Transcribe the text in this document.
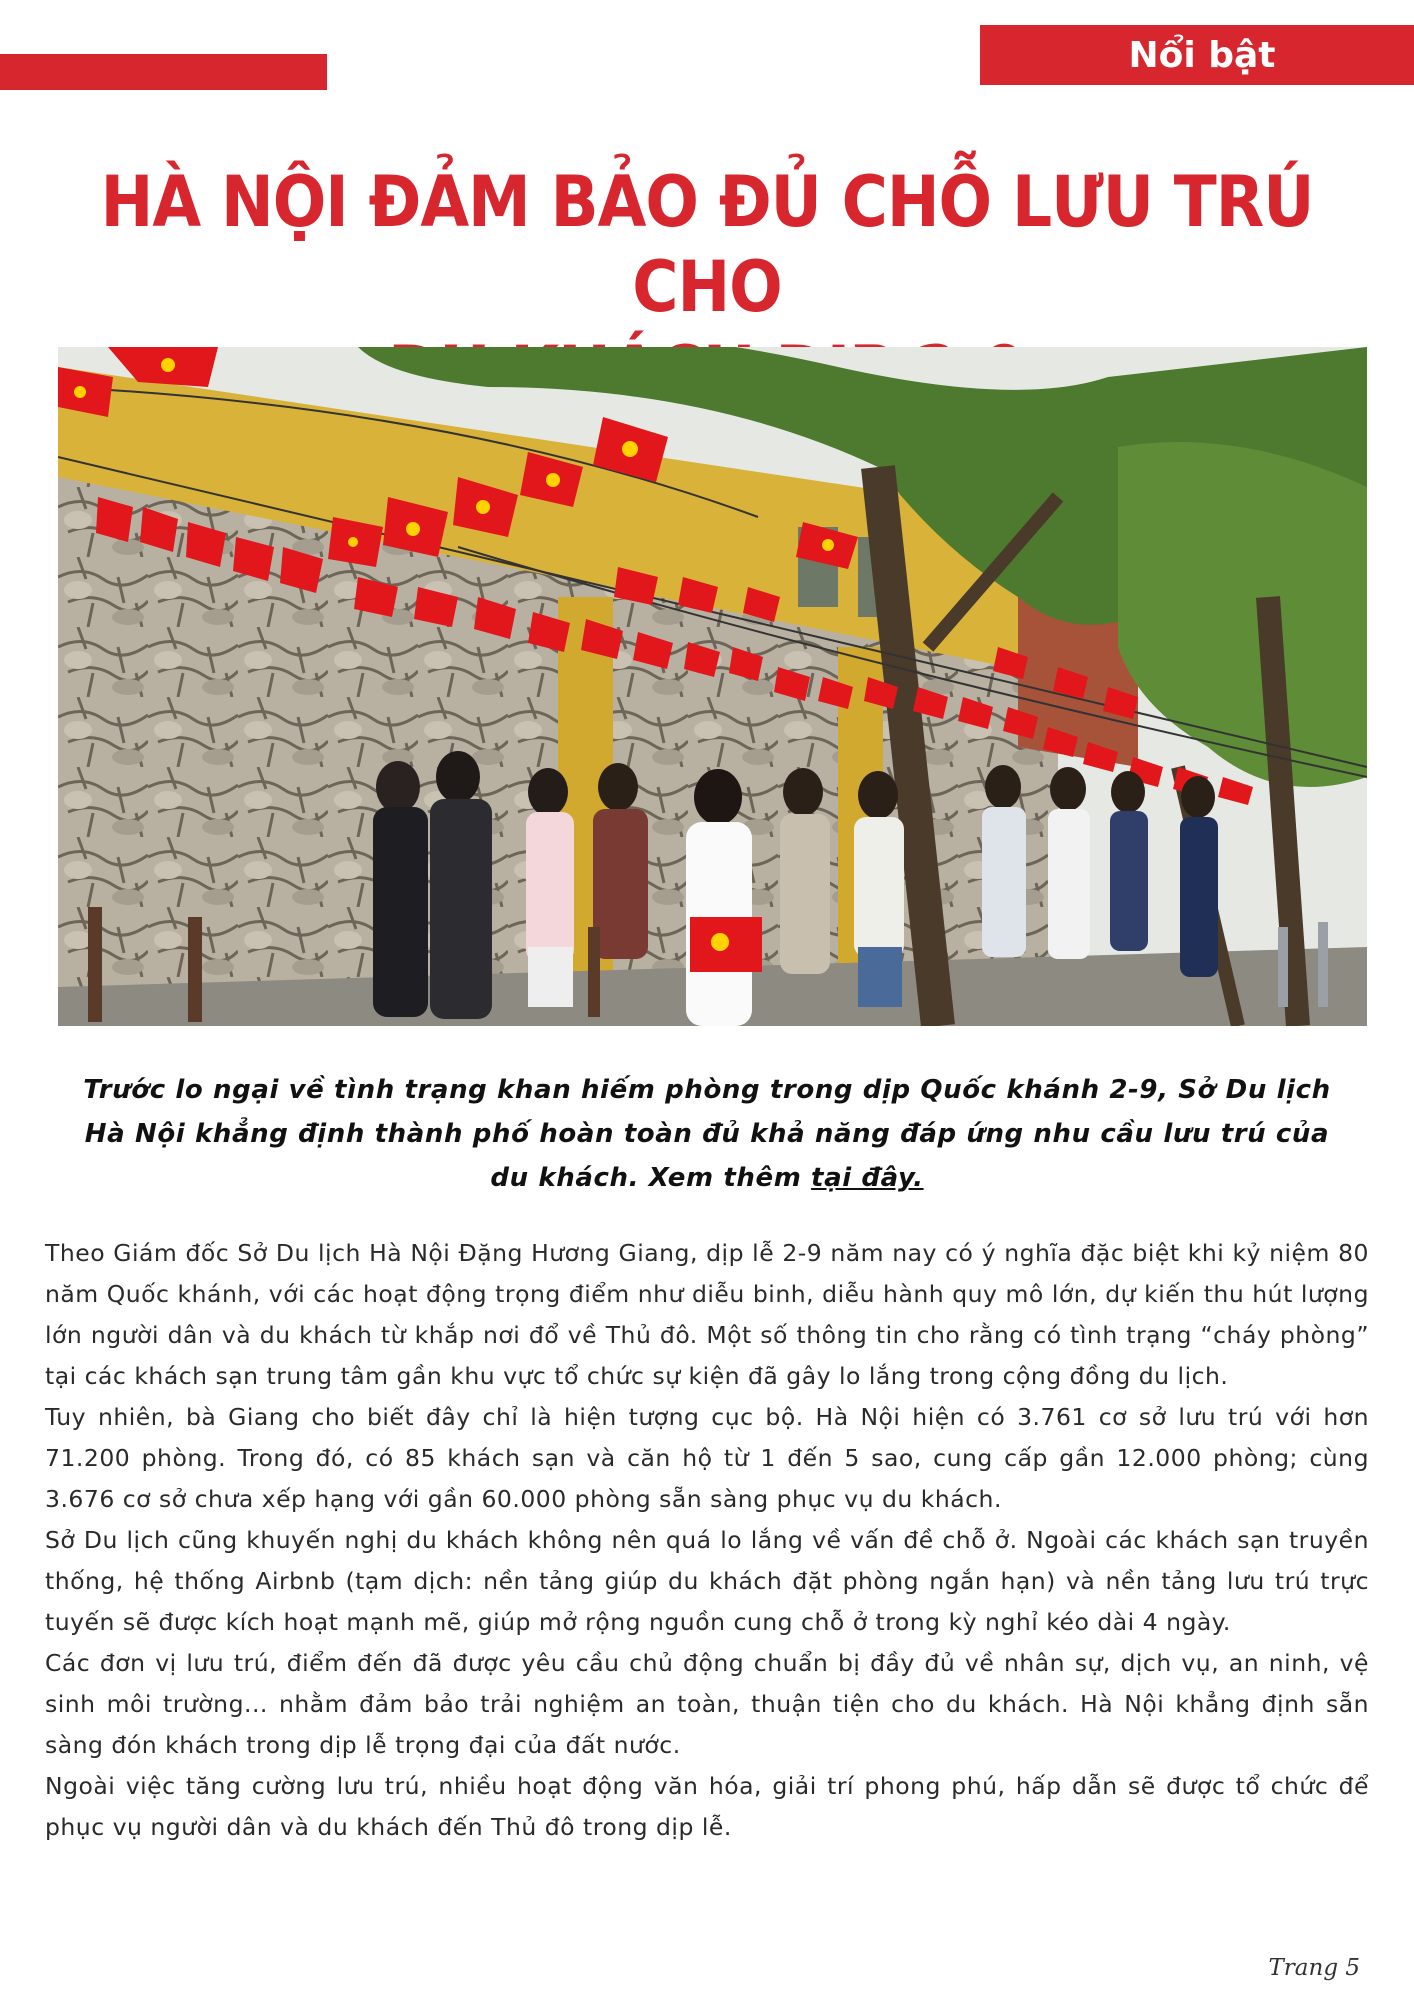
Nổi bật
HÀ NỘI ĐẢM BẢO ĐỦ CHỖ LƯU TRÚ CHO

Trước lo ngại về tình trạng khan hiếm phòng trong dịp Quốc khánh 2-9, Sở Du lịch Hà Nội khẳng định thành phố hoàn toàn đủ khả năng đáp ứng nhu cầu lưu trú của du khách. Xem thêm tại đây.

Theo Giám đốc Sở Du lịch Hà Nội Đặng Hương Giang, dịp lễ 2-9 năm nay có ý nghĩa đặc biệt khi kỷ niệm 80 năm Quốc khánh, với các hoạt động trọng điểm như diễu binh, diễu hành quy mô lớn, dự kiến thu hút lượng lớn người dân và du khách từ khắp nơi đổ về Thủ đô. Một số thông tin cho rằng có tình trạng “cháy phòng” tại các khách sạn trung tâm gần khu vực tổ chức sự kiện đã gây lo lắng trong cộng đồng du lịch.

Tuy nhiên, bà Giang cho biết đây chỉ là hiện tượng cục bộ. Hà Nội hiện có 3.761 cơ sở lưu trú với hơn 71.200 phòng. Trong đó, có 85 khách sạn và căn hộ từ 1 đến 5 sao, cung cấp gần 12.000 phòng; cùng 3.676 cơ sở chưa xếp hạng với gần 60.000 phòng sẵn sàng phục vụ du khách.

Sở Du lịch cũng khuyến nghị du khách không nên quá lo lắng về vấn đề chỗ ở. Ngoài các khách sạn truyền thống, hệ thống Airbnb (tạm dịch: nền tảng giúp du khách đặt phòng ngắn hạn) và nền tảng lưu trú trực tuyến sẽ được kích hoạt mạnh mẽ, giúp mở rộng nguồn cung chỗ ở trong kỳ nghỉ kéo dài 4 ngày.

Các đơn vị lưu trú, điểm đến đã được yêu cầu chủ động chuẩn bị đầy đủ về nhân sự, dịch vụ, an ninh, vệ sinh môi trường... nhằm đảm bảo trải nghiệm an toàn, thuận tiện cho du khách. Hà Nội khẳng định sẵn sàng đón khách trong dịp lễ trọng đại của đất nước.

Ngoài việc tăng cường lưu trú, nhiều hoạt động văn hóa, giải trí phong phú, hấp dẫn sẽ được tổ chức để phục vụ người dân và du khách đến Thủ đô trong dịp lễ.

Trang 5
